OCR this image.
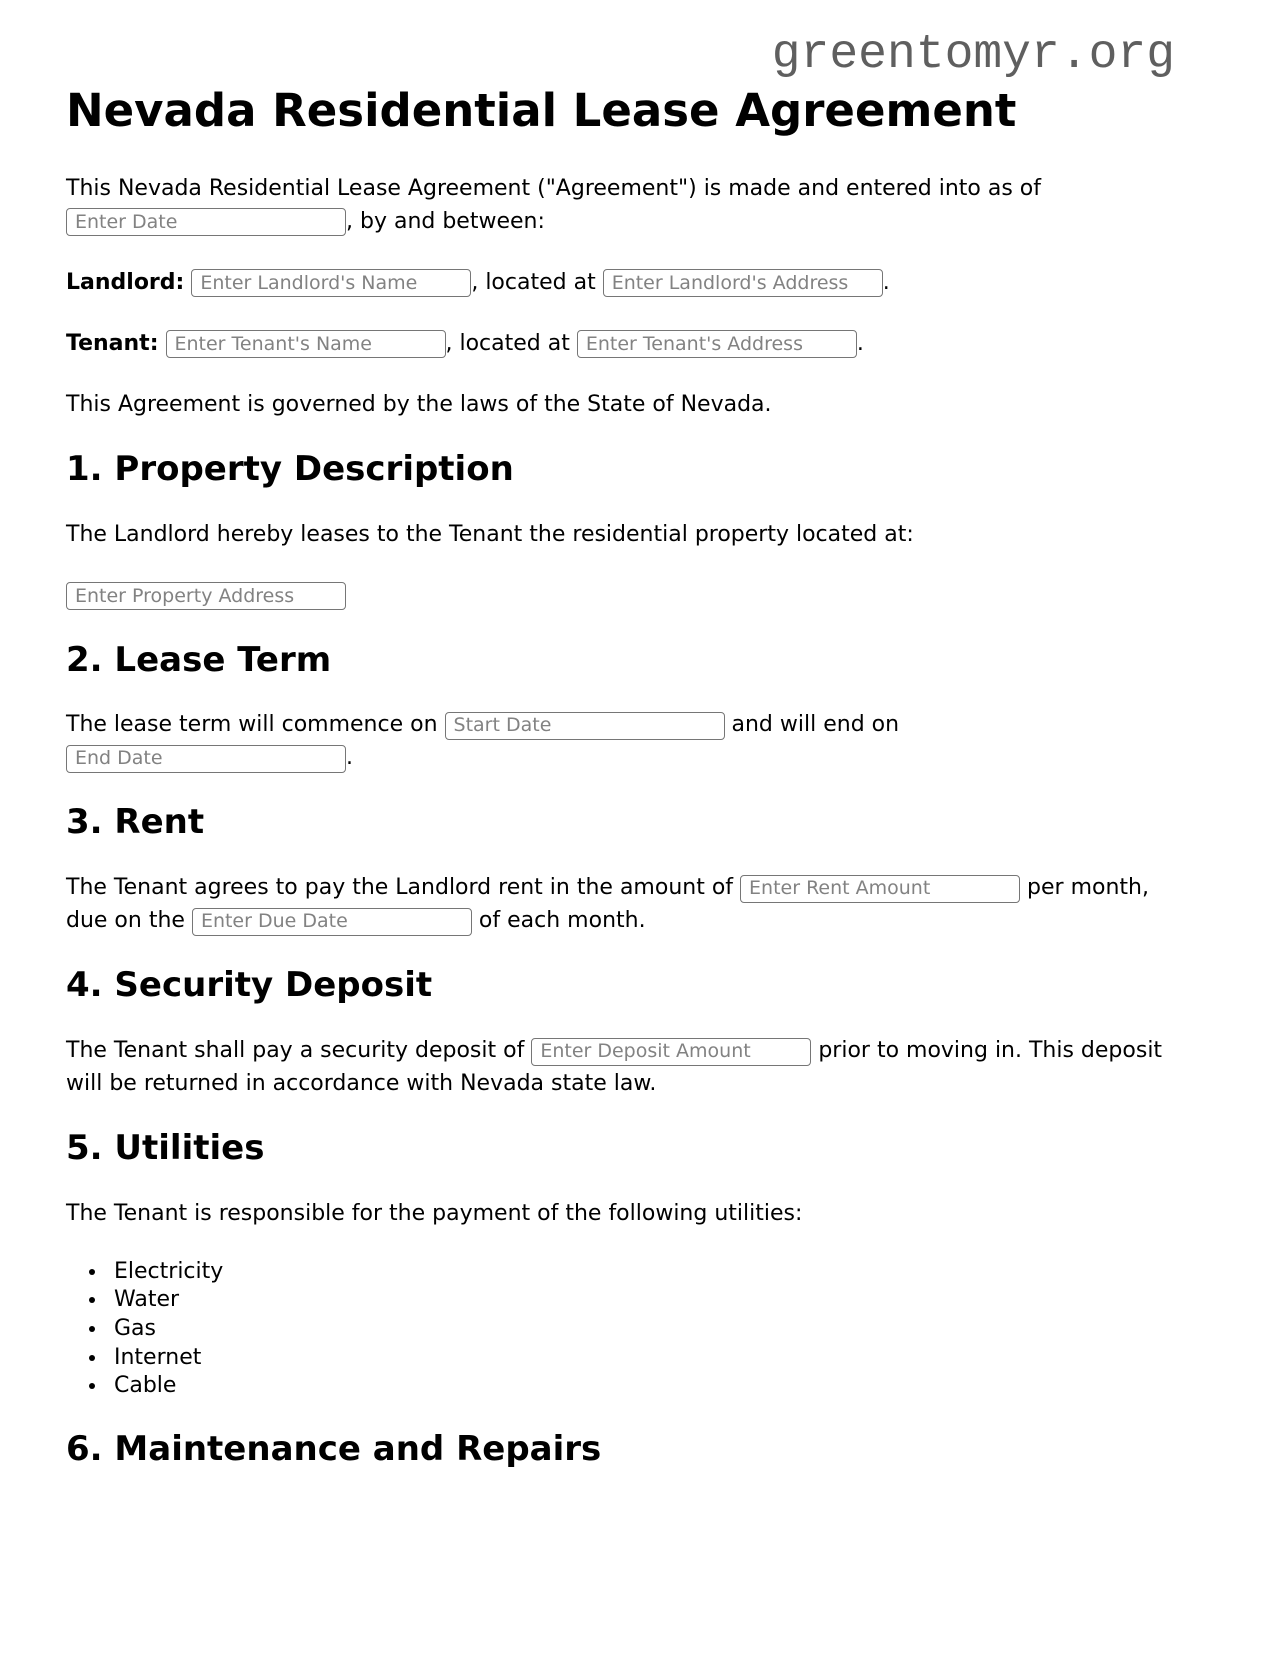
greentomyr.org
Nevada Residential Lease Agreement

This Nevada Residential Lease Agreement ("Agreement") is made and entered into as of Enter Date, by and between:

Landlord: Enter Landlord's Name	, located at Enter Landlord's Address	.

Tenant: Enter Tenant's Name	, located at Enter Tenant's Address	.

This Agreement is governed by the laws of the State of Nevada.

1. Property Description

The Landlord hereby leases to the Tenant the residential property located at:

Enter Property Address

2. Lease Term

The lease term will commence on Start Date	and will end on End Date.

3. Rent

The Tenant agrees to pay the Landlord rent in the amount of Enter Rent Amount	per month, due on the Enter Due Date	of each month.

4. Security Deposit

The Tenant shall pay a security deposit of Enter Deposit Amount	prior to moving in. This deposit will be returned in accordance with Nevada state law.

5. Utilities

The Tenant is responsible for the payment of the following utilities:

• Electricity
• Water
• Gas
• Internet
• Cable
6. Maintenance and Repairs
